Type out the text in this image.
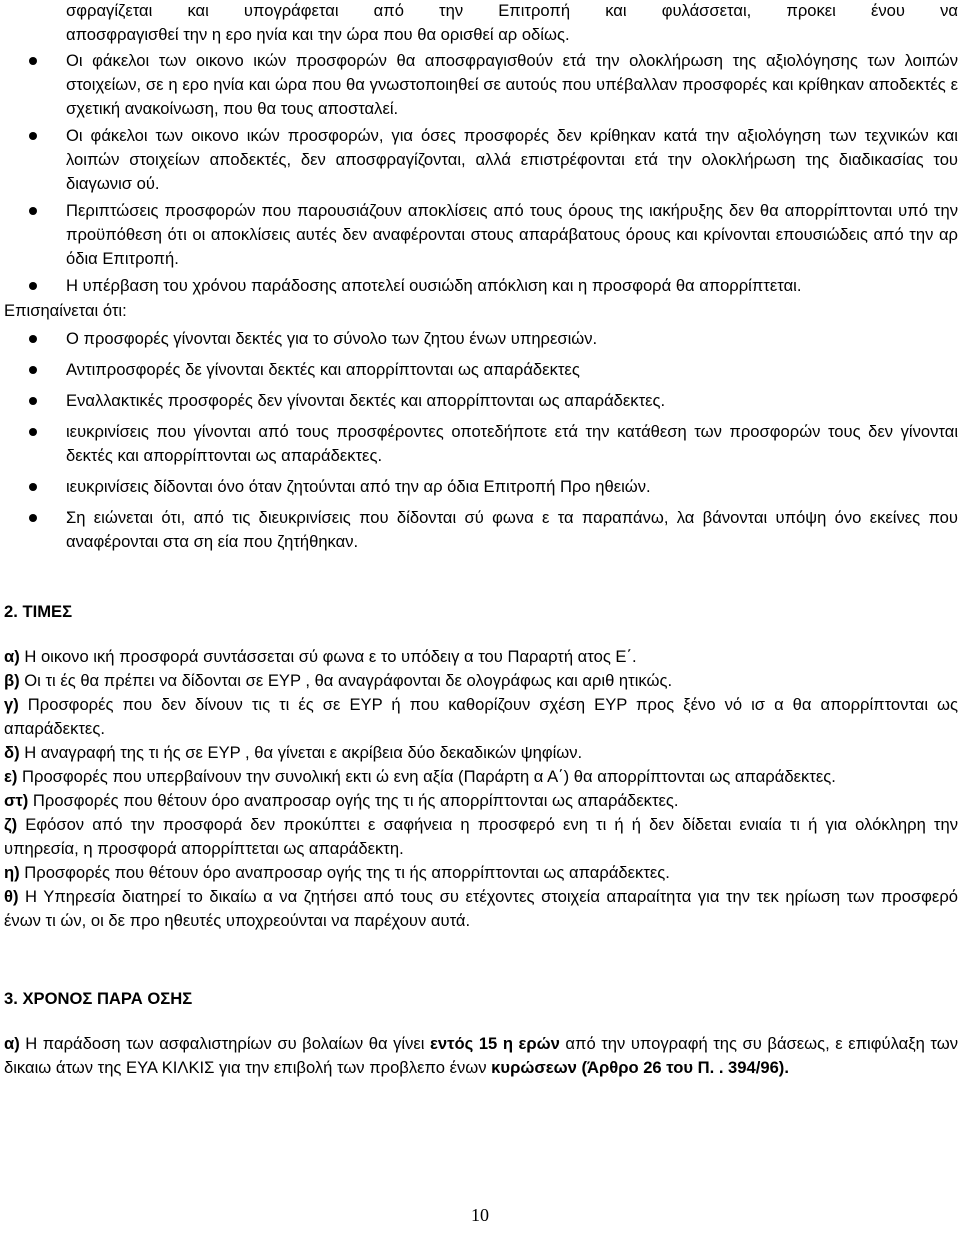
σφραγίζεται και υπογράφεται από την Επιτροπή και φυλάσσεται, προκει ένου να
αποσφραγισθεί την η ερο ηνία και την ώρα που θα ορισθεί αρ οδίως.
Οι φάκελοι των οικονο ικών προσφορών θα αποσφραγισθούν ετά την ολοκλήρωση της αξιολόγησης των λοιπών στοιχείων, σε η ερο ηνία και ώρα που θα γνωστοποιηθεί σε αυτούς που υπέβαλλαν προσφορές και κρίθηκαν αποδεκτές ε σχετική ανακοίνωση, που θα τους αποσταλεί.
Οι φάκελοι των οικονο ικών προσφορών, για όσες προσφορές δεν κρίθηκαν κατά την αξιολόγηση των τεχνικών και λοιπών στοιχείων αποδεκτές, δεν αποσφραγίζονται, αλλά επιστρέφονται ετά την ολοκλήρωση της διαδικασίας του διαγωνισ ού.
Περιπτώσεις προσφορών που παρουσιάζουν αποκλίσεις από τους όρους της ιακήρυξης δεν θα απορρίπτονται υπό την προϋπόθεση ότι οι αποκλίσεις αυτές δεν αναφέρονται στους απαράβατους όρους και κρίνονται επουσιώδεις από την αρ όδια Επιτροπή.
Η υπέρβαση του χρόνου παράδοσης αποτελεί ουσιώδη απόκλιση και η προσφορά θα απορρίπτεται.
Επισηαίνεται ότι:
Ο προσφορές γίνονται δεκτές για το σύνολο των ζητου ένων υπηρεσιών.
Αντιπροσφορές δε γίνονται δεκτές και απορρίπτονται ως απαράδεκτες
Εναλλακτικές προσφορές δεν γίνονται δεκτές και απορρίπτονται ως απαράδεκτες.
ιευκρινίσεις που γίνονται από τους προσφέροντες οποτεδήποτε ετά την κατάθεση των προσφορών τους δεν γίνονται δεκτές και απορρίπτονται ως απαράδεκτες.
ιευκρινίσεις δίδονται όνο όταν ζητούνται από την αρ όδια Επιτροπή Προ ηθειών.
Ση ειώνεται ότι, από τις διευκρινίσεις που δίδονται σύ φωνα ε τα παραπάνω, λα βάνονται υπόψη όνο εκείνες που αναφέρονται στα ση εία που ζητήθηκαν.
2. ΤΙΜΕΣ
α) Η οικονο ική προσφορά συντάσσεται σύ φωνα ε το υπόδειγ α του Παραρτή ατος Ε΄.
β) Οι τι ές θα πρέπει να δίδονται σε ΕΥΡ , θα αναγράφονται δε ολογράφως και αριθ ητικώς.
γ) Προσφορές που δεν δίνουν τις τι ές σε ΕΥΡ ή που καθορίζουν σχέση ΕΥΡ προς ξένο νό ισ α θα απορρίπτονται ως απαράδεκτες.
δ) Η αναγραφή της τι ής σε ΕΥΡ , θα γίνεται ε ακρίβεια δύο δεκαδικών ψηφίων.
ε) Προσφορές που υπερβαίνουν την συνολική εκτι ώ ενη αξία (Παράρτη α Α΄) θα απορρίπτονται ως απαράδεκτες.
στ) Προσφορές που θέτουν όρο αναπροσαρ ογής της τι ής απορρίπτονται ως απαράδεκτες.
ζ) Εφόσον από την προσφορά δεν προκύπτει ε σαφήνεια η προσφερό ενη τι ή ή δεν δίδεται ενιαία τι ή για ολόκληρη την υπηρεσία, η προσφορά απορρίπτεται ως απαράδεκτη.
η) Προσφορές που θέτουν όρο αναπροσαρ ογής της τι ής απορρίπτονται ως απαράδεκτες.
θ) Η Υπηρεσία διατηρεί το δικαίω α να ζητήσει από τους συ ετέχοντες στοιχεία απαραίτητα για την τεκ ηρίωση των προσφερό ένων τι ών, οι δε προ ηθευτές υποχρεούνται να παρέχουν αυτά.
3. ΧΡΟΝΟΣ ΠΑΡΑ ΟΣΗΣ
α) Η παράδοση των ασφαλιστηρίων συ βολαίων θα γίνει εντός 15 η ερών από την υπογραφή της συ βάσεως, ε επιφύλαξη των δικαιω άτων της ΕΥΑ ΚΙΛΚΙΣ για την επιβολή των προβλεπο ένων κυρώσεων (Άρθρο 26 του Π. . 394/96).
10
